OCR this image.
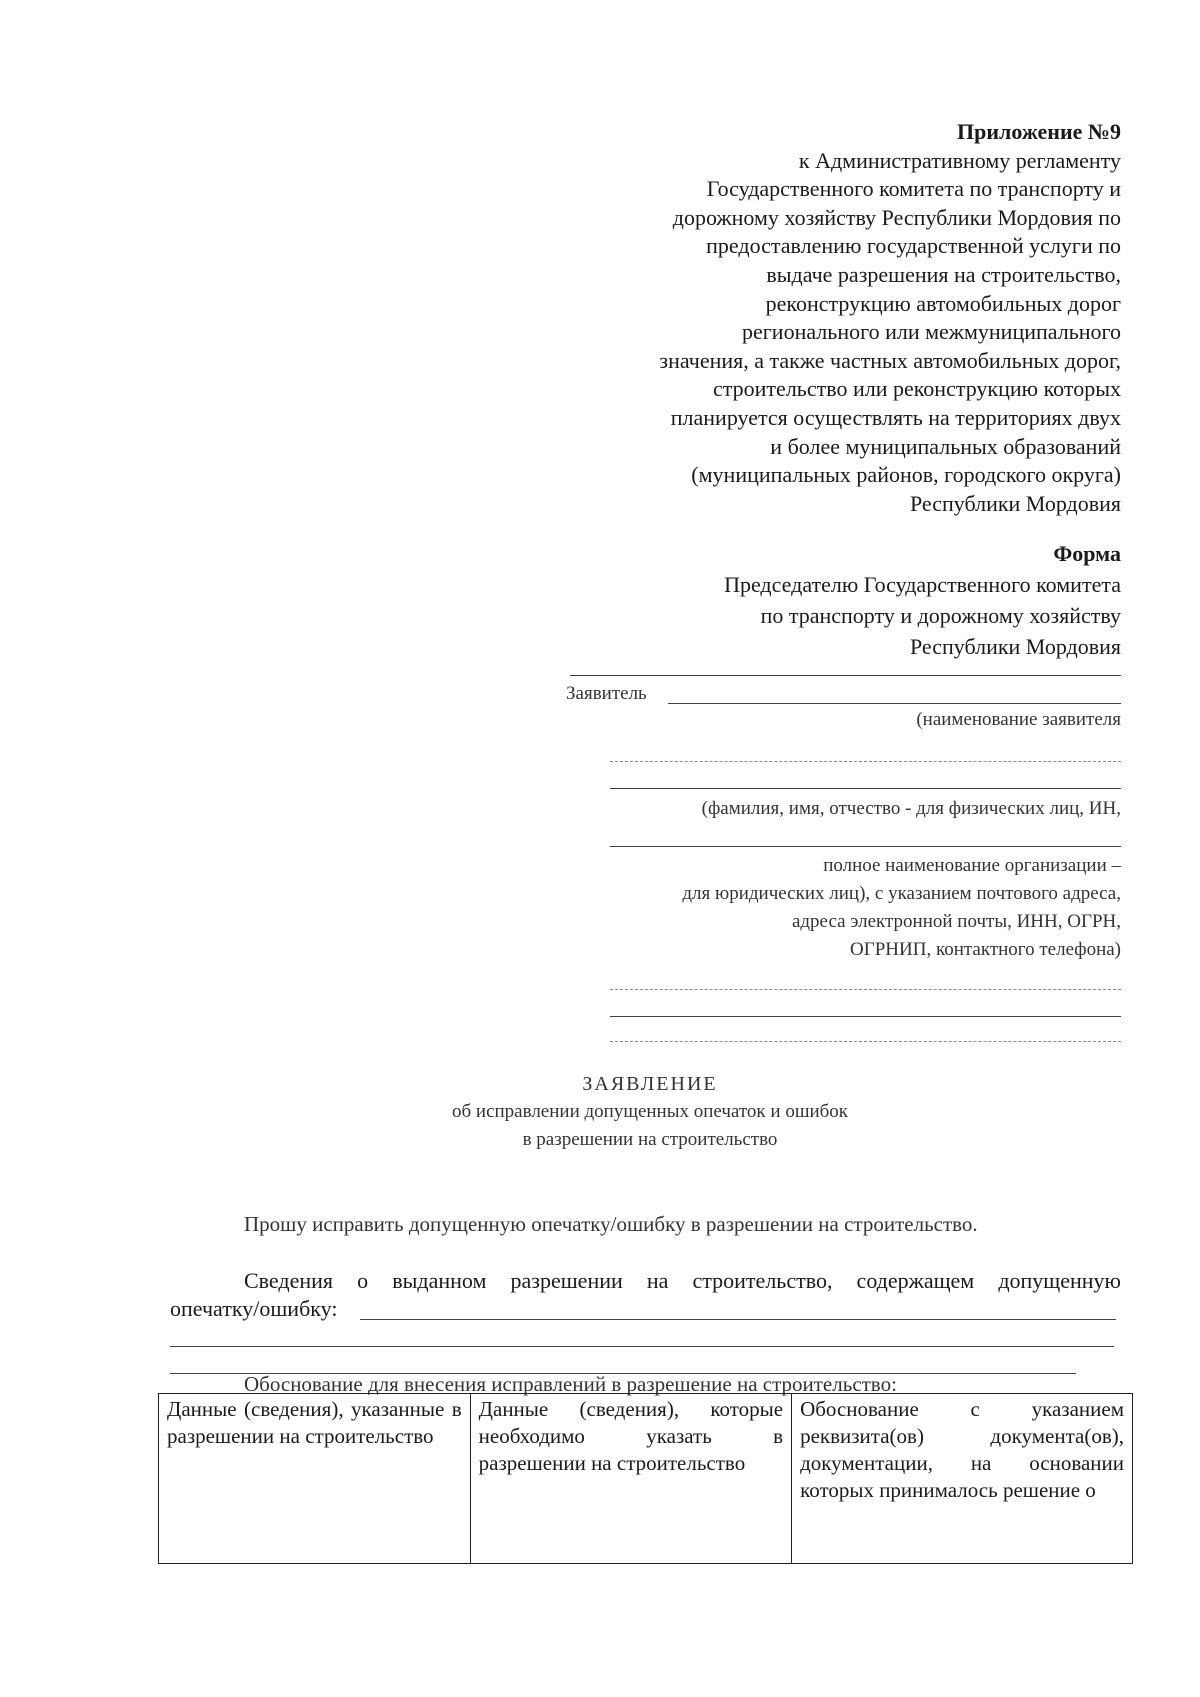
Приложение №9
к Административному регламенту
Государственного комитета по транспорту и
дорожному хозяйству Республики Мордовия по
предоставлению государственной услуги по
выдаче разрешения на строительство,
реконструкцию автомобильных дорог
регионального или межмуниципального
значения, а также частных автомобильных дорог,
строительство или реконструкцию которых
планируется осуществлять на территориях двух
и более муниципальных образований
(муниципальных районов, городского округа)
Республики Мордовия
Форма
Председателю Государственного комитета
по транспорту и дорожному хозяйству
Республики Мордовия
Заявитель
(наименование заявителя
(фамилия, имя, отчество - для физических лиц, ИН,
полное наименование организации –
для юридических лиц), с указанием почтового адреса,
адреса электронной почты, ИНН, ОГРН,
ОГРНИП, контактного телефона)
ЗАЯВЛЕНИЕ
об исправлении допущенных опечаток и ошибок
в разрешении на строительство
Прошу исправить допущенную опечатку/ошибку в разрешении на строительство.
Сведения о выданном разрешении на строительство, содержащем допущенную
опечатку/ошибку:
Обоснование для внесения исправлений в разрешение на строительство:
Данные (сведения), указанные в разрешении на строительство	Данные (сведения), которые необходимо указать в разрешении на строительство	Обоснование с указанием реквизита(ов) документа(ов), документации, на основании которых принималось решение о
